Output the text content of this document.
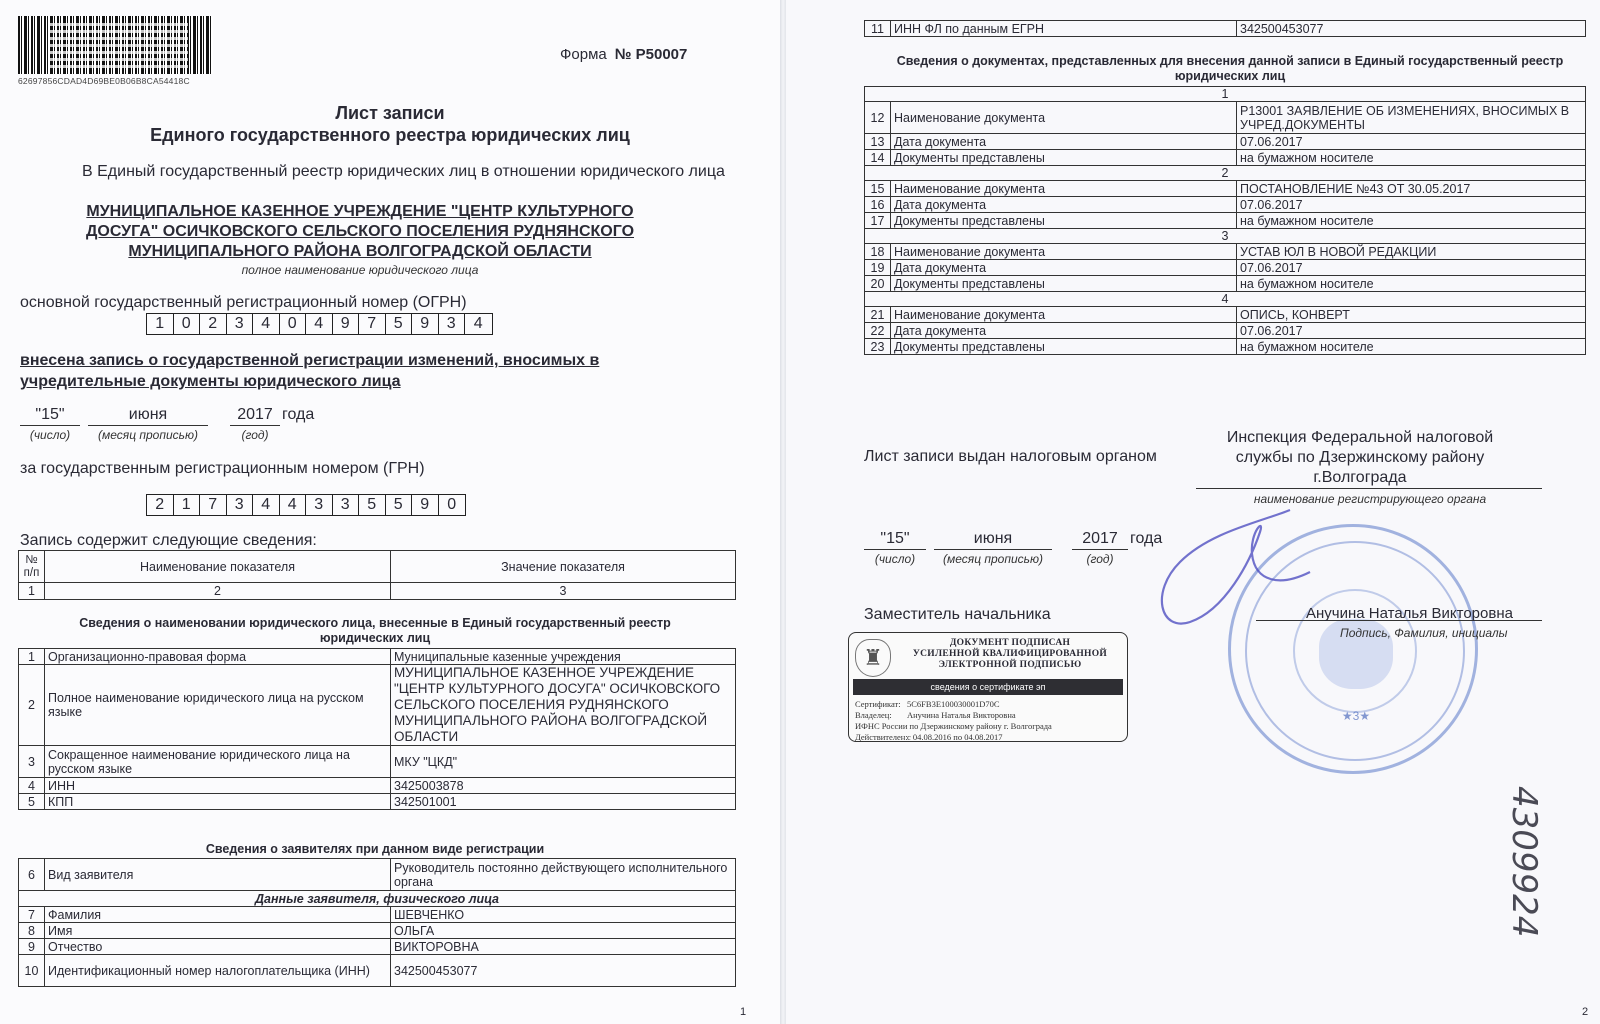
62697856CDAD4D69BE0B06B8CA54418C
Форма № Р50007
Лист записи
Единого государственного реестра юридических лиц
В Единый государственный реестр юридических лиц в отношении юридического лица
МУНИЦИПАЛЬНОЕ КАЗЕННОЕ УЧРЕЖДЕНИЕ "ЦЕНТР КУЛЬТУРНОГО
ДОСУГА" ОСИЧКОВСКОГО СЕЛЬСКОГО ПОСЕЛЕНИЯ РУДНЯНСКОГО
МУНИЦИПАЛЬНОГО РАЙОНА ВОЛГОГРАДСКОЙ ОБЛАСТИ
полное наименование юридического лица
основной государственный регистрационный номер (ОГРН)
1	0	2	3	4	0	4	9	7	5	9	3	4
внесена запись о государственной регистрации изменений, вносимых в
учредительные документы юридического лица
"15"	июня	2017 года
(число)	(месяц прописью)	(год)
за государственным регистрационным номером (ГРН)
2	1	7	3	4	4	3	3	5	5	9	0
Запись содержит следующие сведения:
№ п/п	Наименование показателя	Значение показателя
1	2	3
Сведения о наименовании юридического лица, внесенные в Единый государственный реестр юридических лиц
1	Организационно-правовая форма	Муниципальные казенные учреждения
2	Полное наименование юридического лица на русском языке	МУНИЦИПАЛЬНОЕ КАЗЕННОЕ УЧРЕЖДЕНИЕ "ЦЕНТР КУЛЬТУРНОГО ДОСУГА" ОСИЧКОВСКОГО СЕЛЬСКОГО ПОСЕЛЕНИЯ РУДНЯНСКОГО МУНИЦИПАЛЬНОГО РАЙОНА ВОЛГОГРАДСКОЙ ОБЛАСТИ
3	Сокращенное наименование юридического лица на русском языке	МКУ "ЦКД"
4	ИНН	3425003878
5	КПП	342501001
Сведения о заявителях при данном виде регистрации
6	Вид заявителя	Руководитель постоянно действующего исполнительного органа
Данные заявителя, физического лица		
7	Фамилия	ШЕВЧЕНКО
8	Имя	ОЛЬГА
9	Отчество	ВИКТОРОВНА
10	Идентификационный номер налогоплательщика (ИНН)	342500453077
1	2
11	ИНН ФЛ по данным ЕГРН	342500453077
Сведения о документах, представленных для внесения данной записи в Единый государственный реестр юридических лиц
1		
12	Наименование документа	Р13001 ЗАЯВЛЕНИЕ ОБ ИЗМЕНЕНИЯХ, ВНОСИМЫХ В УЧРЕД.ДОКУМЕНТЫ
13	Дата документа	07.06.2017
14	Документы представлены	на бумажном носителе
2		
15	Наименование документа	ПОСТАНОВЛЕНИЕ №43 ОТ 30.05.2017
16	Дата документа	07.06.2017
17	Документы представлены	на бумажном носителе
3		
18	Наименование документа	УСТАВ ЮЛ В НОВОЙ РЕДАКЦИИ
19	Дата документа	07.06.2017
20	Документы представлены	на бумажном носителе
4		
21	Наименование документа	ОПИСЬ, КОНВЕРТ
22	Дата документа	07.06.2017
23	Документы представлены	на бумажном носителе
Лист записи выдан налоговым органом
Инспекция Федеральной налоговой
службы по Дзержинскому району
г.Волгограда
наименование регистрирующего органа
"15"	июня	2017 года
(число)	(месяц прописью)	(год)
Заместитель начальника
★3★
Анучина Наталья Викторовна
Подпись, Фамилия, инициалы
♜
ДОКУМЕНТ ПОДПИСАН
УСИЛЕННОЙ КВАЛИФИЦИРОВАННОЙ
ЭЛЕКТРОННОЙ ПОДПИСЬЮ
сведения о сертификате эп
Сертификат: 5C6FB3E100030001D70C
Владелец: Анучина Наталья Викторовна
ИФНС России по Дзержинскому району г. Волгограда
Действителен:с 04.08.2016 по 04.08.2017
4309924
